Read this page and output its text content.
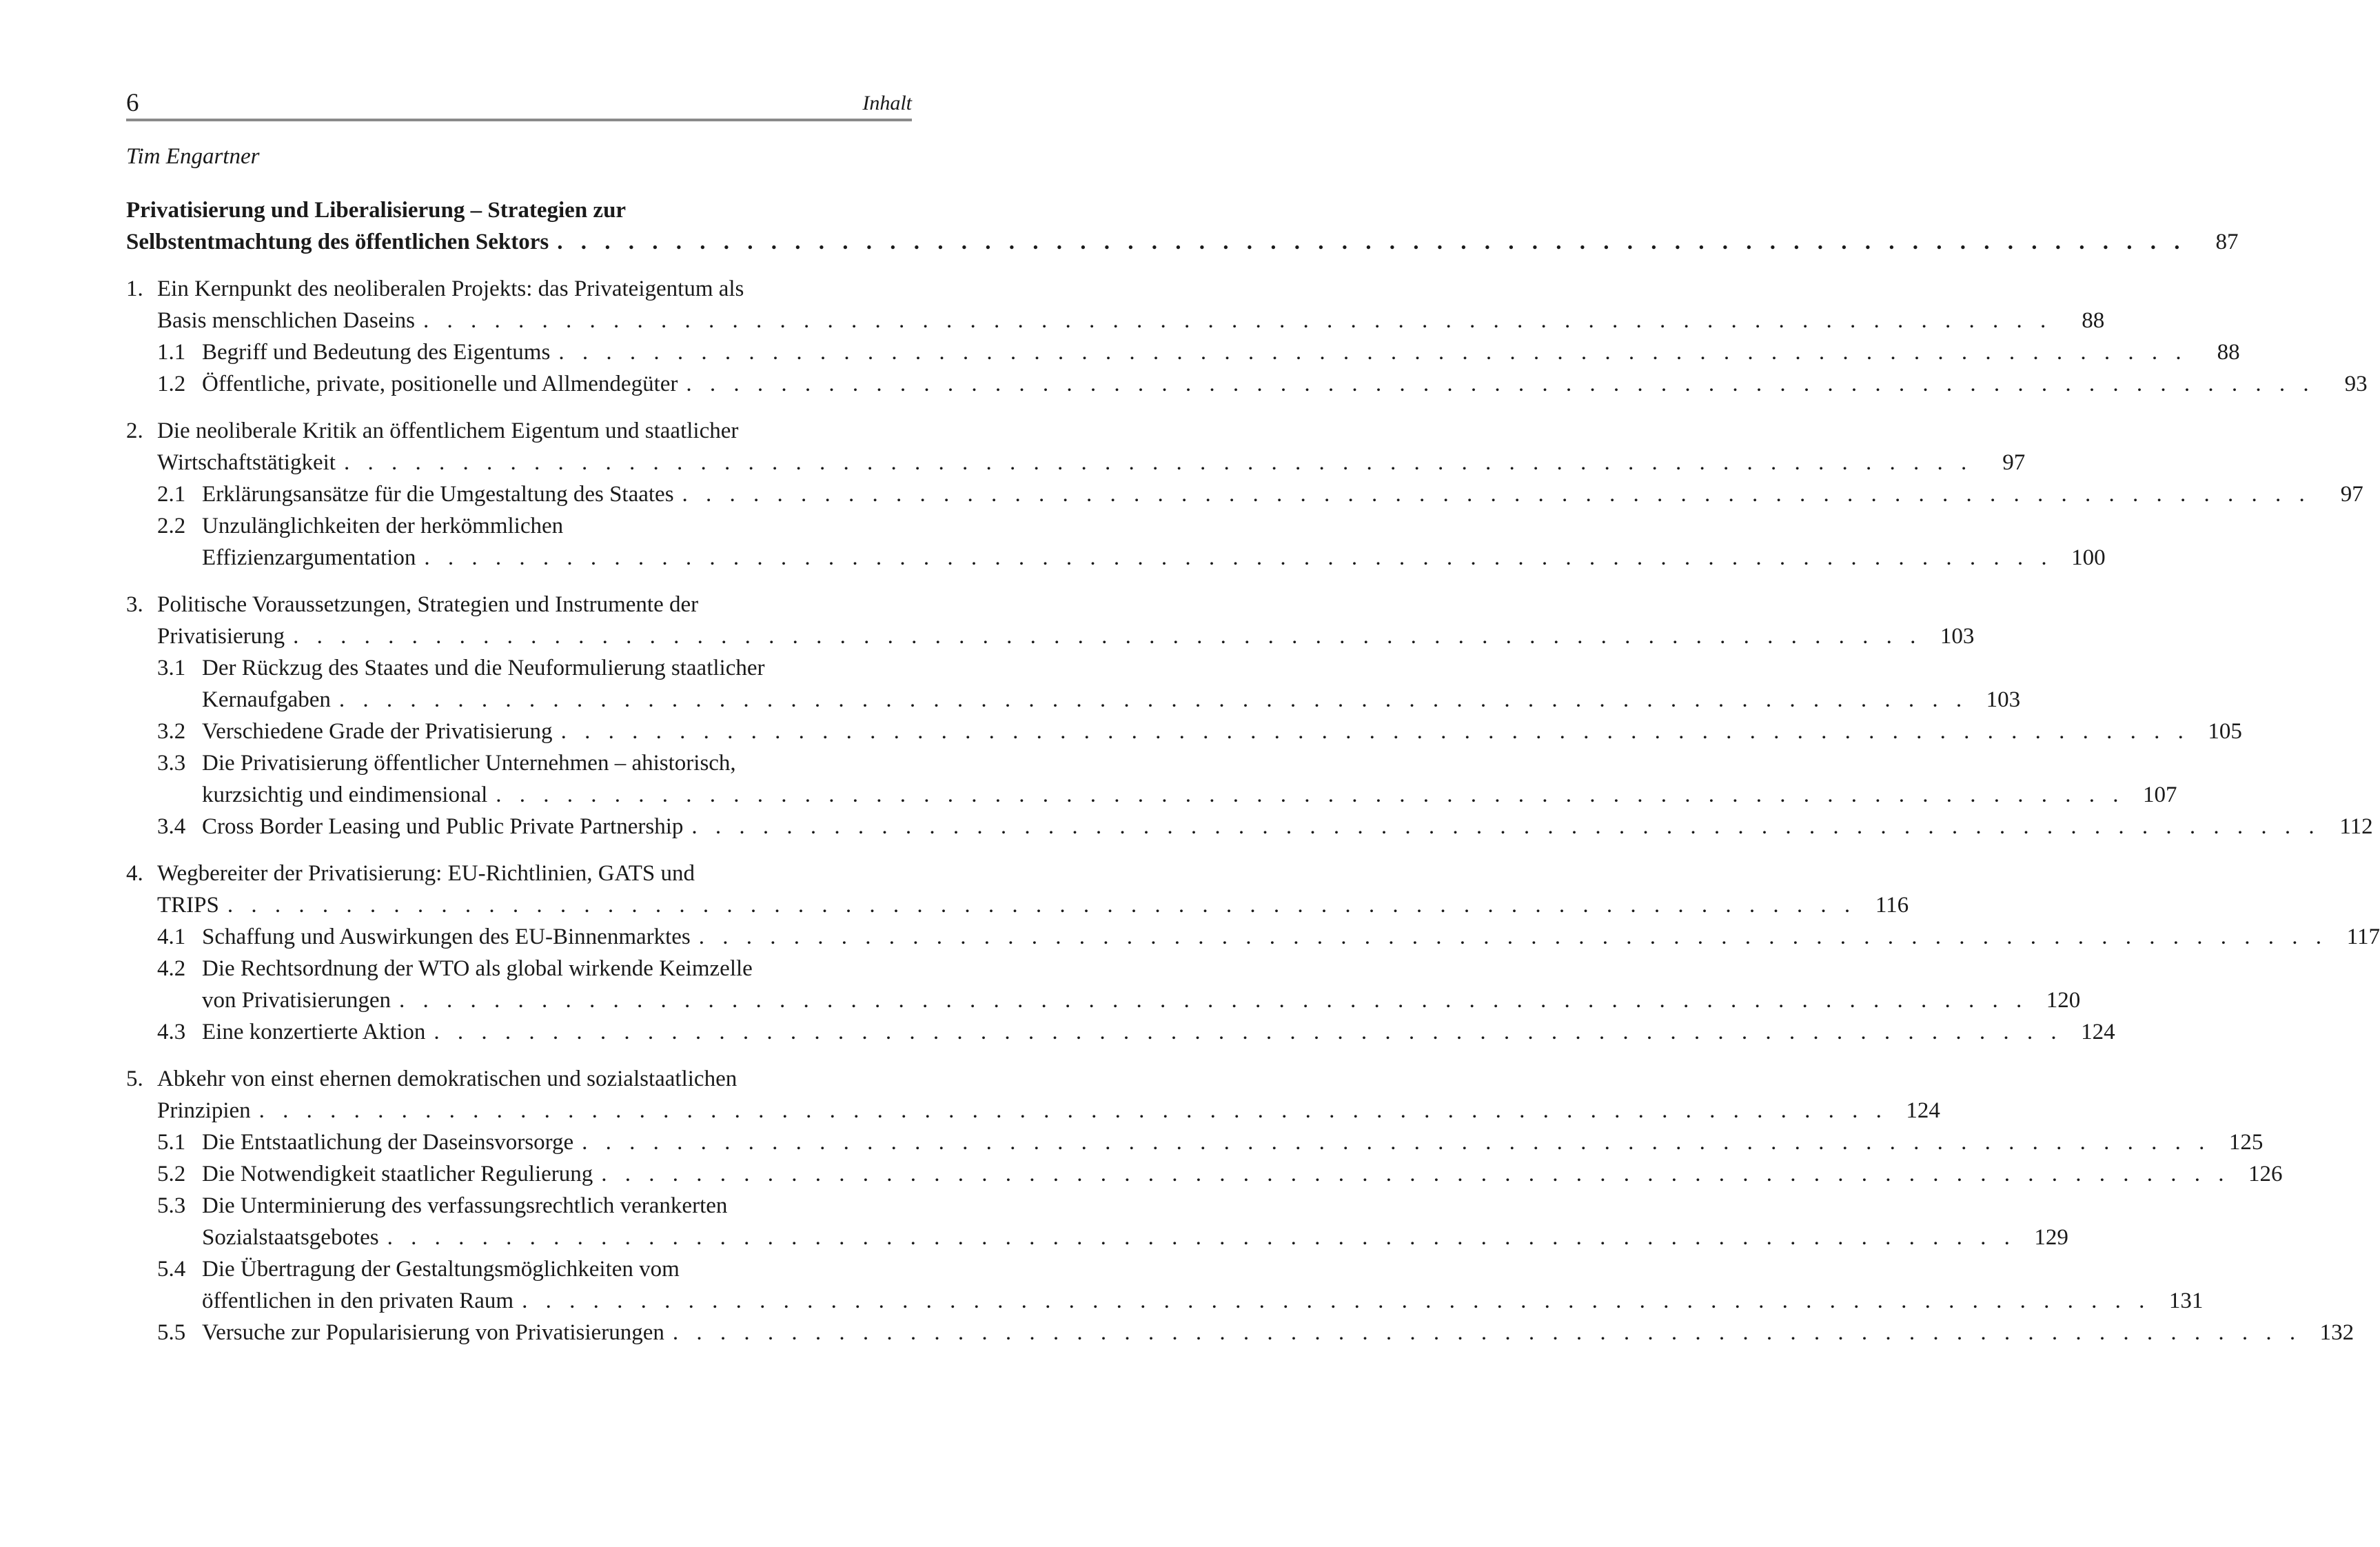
6	Inhalt

Tim Engartner

Privatisierung und Liberalisierung – Strategien zur
Selbstentmachtung des öffentlichen Sektors . . . . . . . . . . . . . . . . . . . . . . . . . . . . . . . . . . . . . . . . . . . . . . . . . . . . . . . . . . . . . . . . . . . . .	87
1. Ein Kernpunkt des neoliberalen Projekts: das Privateigentum als
Basis menschlichen Daseins . . . . . . . . . . . . . . . . . . . . . . . . . . . . . . . . . . . . . . . . . . . . . . . . . . . . . . . . . . . . . . . . . . . . .	88
1.1 Begriff und Bedeutung des Eigentums . . . . . . . . . . . . . . . . . . . . . . . . . . . . . . . . . . . . . . . . . . . . . . . . . . . . . . . . . . . . . . . . . . . . .	88
1.2 Öffentliche, private, positionelle und Allmendegüter . . . . . . . . . . . . . . . . . . . . . . . . . . . . . . . . . . . . . . . . . . . . . . . . . . . . . . . . . . . . . . . . . . . . .	93
2. Die neoliberale Kritik an öffentlichem Eigentum und staatlicher
Wirtschaftstätigkeit . . . . . . . . . . . . . . . . . . . . . . . . . . . . . . . . . . . . . . . . . . . . . . . . . . . . . . . . . . . . . . . . . . . . .	97
2.1 Erklärungsansätze für die Umgestaltung des Staates . . . . . . . . . . . . . . . . . . . . . . . . . . . . . . . . . . . . . . . . . . . . . . . . . . . . . . . . . . . . . . . . . . . . .	97
2.2 Unzulänglichkeiten der herkömmlichen
Effizienzargumentation . . . . . . . . . . . . . . . . . . . . . . . . . . . . . . . . . . . . . . . . . . . . . . . . . . . . . . . . . . . . . . . . . . . . . 100
3. Politische Voraussetzungen, Strategien und Instrumente der
Privatisierung . . . . . . . . . . . . . . . . . . . . . . . . . . . . . . . . . . . . . . . . . . . . . . . . . . . . . . . . . . . . . . . . . . . . . 103
3.1 Der Rückzug des Staates und die Neuformulierung staatlicher
Kernaufgaben . . . . . . . . . . . . . . . . . . . . . . . . . . . . . . . . . . . . . . . . . . . . . . . . . . . . . . . . . . . . . . . . . . . . . 103
3.2 Verschiedene Grade der Privatisierung . . . . . . . . . . . . . . . . . . . . . . . . . . . . . . . . . . . . . . . . . . . . . . . . . . . . . . . . . . . . . . . . . . . . . 105
3.3 Die Privatisierung öffentlicher Unternehmen – ahistorisch,
kurzsichtig und eindimensional . . . . . . . . . . . . . . . . . . . . . . . . . . . . . . . . . . . . . . . . . . . . . . . . . . . . . . . . . . . . . . . . . . . . . 107
3.4 Cross Border Leasing und Public Private Partnership . . . . . . . . . . . . . . . . . . . . . . . . . . . . . . . . . . . . . . . . . . . . . . . . . . . . . . . . . . . . . . . . . . . . . 112
4. Wegbereiter der Privatisierung: EU-Richtlinien, GATS und
TRIPS . . . . . . . . . . . . . . . . . . . . . . . . . . . . . . . . . . . . . . . . . . . . . . . . . . . . . . . . . . . . . . . . . . . . . 116
4.1 Schaffung und Auswirkungen des EU-Binnenmarktes . . . . . . . . . . . . . . . . . . . . . . . . . . . . . . . . . . . . . . . . . . . . . . . . . . . . . . . . . . . . . . . . . . . . . 117
4.2 Die Rechtsordnung der WTO als global wirkende Keimzelle
von Privatisierungen . . . . . . . . . . . . . . . . . . . . . . . . . . . . . . . . . . . . . . . . . . . . . . . . . . . . . . . . . . . . . . . . . . . . . 120
4.3 Eine konzertierte Aktion . . . . . . . . . . . . . . . . . . . . . . . . . . . . . . . . . . . . . . . . . . . . . . . . . . . . . . . . . . . . . . . . . . . . . 124
5. Abkehr von einst ehernen demokratischen und sozialstaatlichen
Prinzipien . . . . . . . . . . . . . . . . . . . . . . . . . . . . . . . . . . . . . . . . . . . . . . . . . . . . . . . . . . . . . . . . . . . . . 124
5.1 Die Entstaatlichung der Daseinsvorsorge . . . . . . . . . . . . . . . . . . . . . . . . . . . . . . . . . . . . . . . . . . . . . . . . . . . . . . . . . . . . . . . . . . . . . 125
5.2 Die Notwendigkeit staatlicher Regulierung . . . . . . . . . . . . . . . . . . . . . . . . . . . . . . . . . . . . . . . . . . . . . . . . . . . . . . . . . . . . . . . . . . . . . 126
5.3 Die Unterminierung des verfassungsrechtlich verankerten
Sozialstaatsgebotes . . . . . . . . . . . . . . . . . . . . . . . . . . . . . . . . . . . . . . . . . . . . . . . . . . . . . . . . . . . . . . . . . . . . . 129
5.4 Die Übertragung der Gestaltungsmöglichkeiten vom
öffentlichen in den privaten Raum . . . . . . . . . . . . . . . . . . . . . . . . . . . . . . . . . . . . . . . . . . . . . . . . . . . . . . . . . . . . . . . . . . . . . 131
5.5 Versuche zur Popularisierung von Privatisierungen . . . . . . . . . . . . . . . . . . . . . . . . . . . . . . . . . . . . . . . . . . . . . . . . . . . . . . . . . . . . . . . . . . . . . 132
